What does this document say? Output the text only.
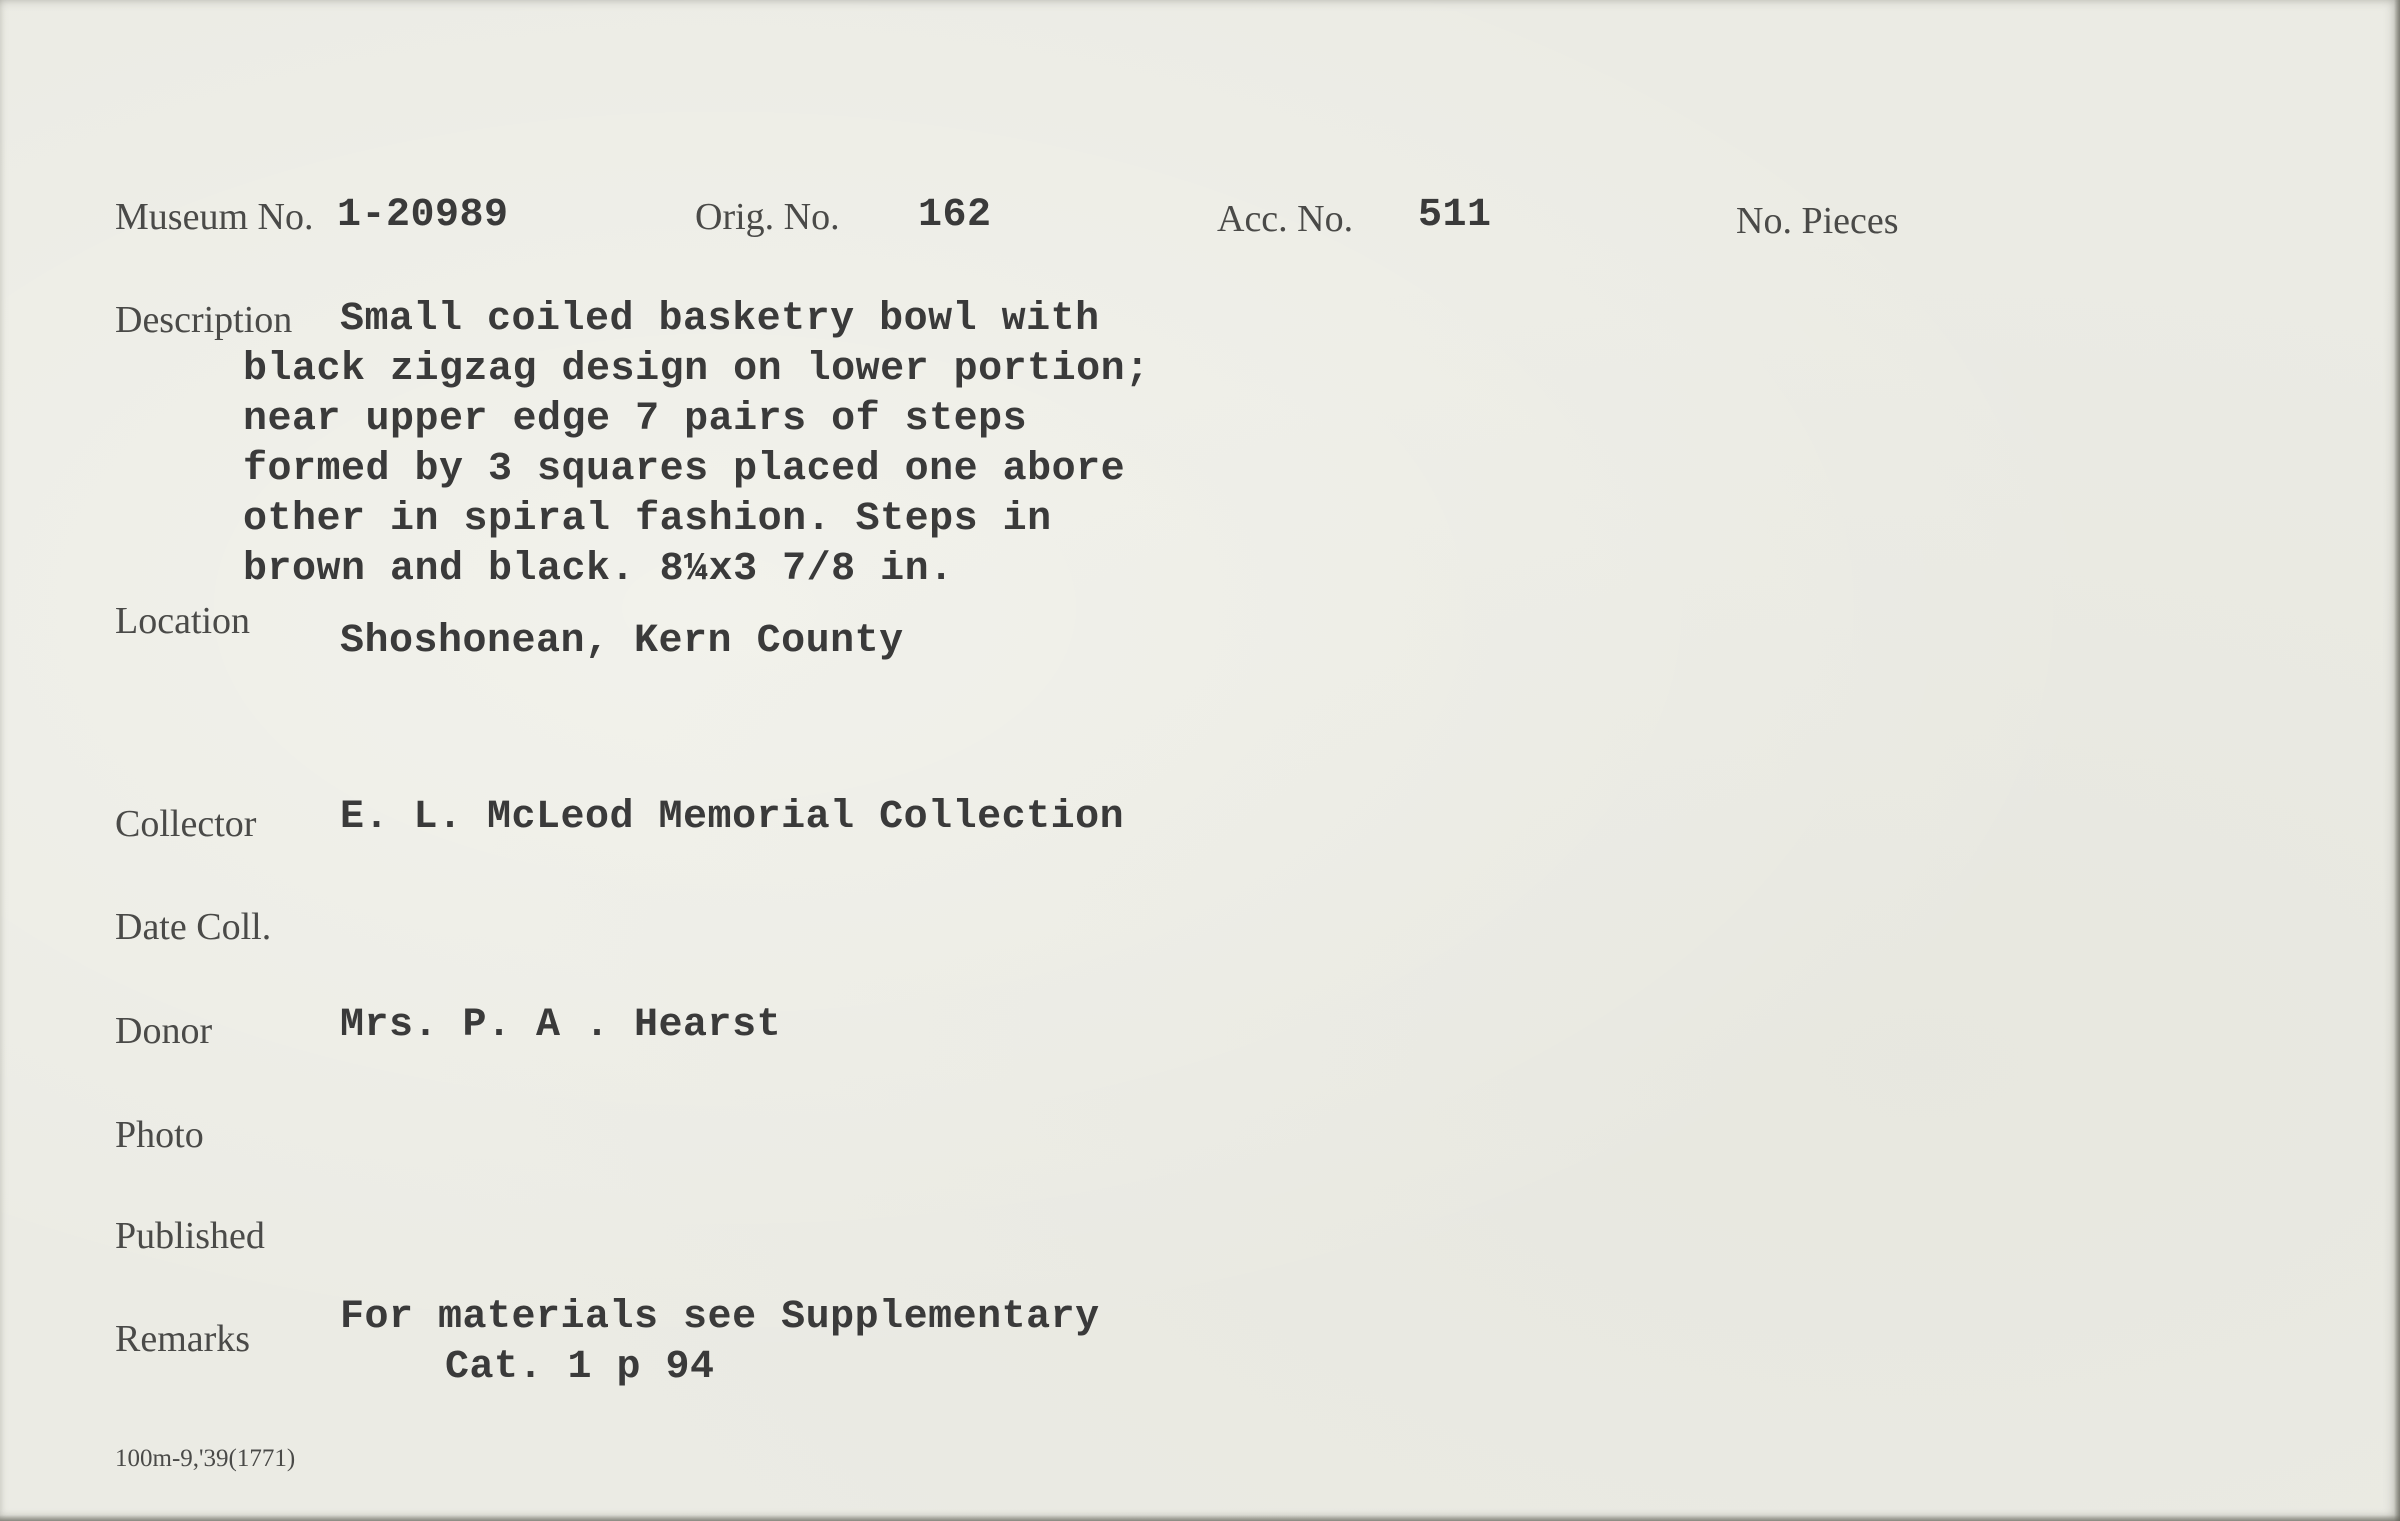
Museum No. 1-20989	Orig. No. 162	Acc. No. 511	No. Pieces
Description Small coiled basketry bowl with
black zigzag design on lower portion;
near upper edge 7 pairs of steps
formed by 3 squares placed one abore
other in spiral fashion. Steps in
brown and black. 8¼x3 7/8 in.
Location Shoshonean, Kern County
Collector E. L. McLeod Memorial Collection
Date Coll.
Donor	Mrs. P. A . Hearst
Photo
Published
Remarks For materials see Supplementary
Cat. 1 p 94
100m-9,'39(1771)
